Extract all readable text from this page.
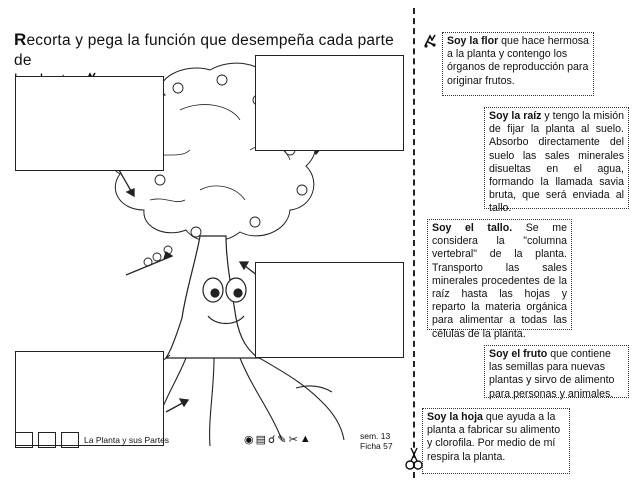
Recorta y pega la función que desempeña cada parte de

Soy la flor que hace hermosa a la planta y contengo los órganos de reproducción para originar frutos.
Soy la raíz y tengo la misión de fijar la planta al suelo. Absorbo directamente del suelo las sales minerales disueltas en el agua, formando la llamada savia bruta, que será enviada al tallo.
Soy el tallo. Se me considera la "columna vertebral" de la planta. Transporto las sales minerales procedentes de la raíz hasta las hojas y reparto la materia orgánica para alimentar a todas las células de la planta.
Soy el fruto que contiene las semillas para nuevas plantas y sirvo de alimento para personas y animales.
Soy la hoja que ayuda a la planta a fabricar su alimento y clorofila. Por medio de mí respira la planta.
La Planta y sus Partes	◉ ▤ ☌ ✎ ✂ ▲	sem. 13
Ficha 57
